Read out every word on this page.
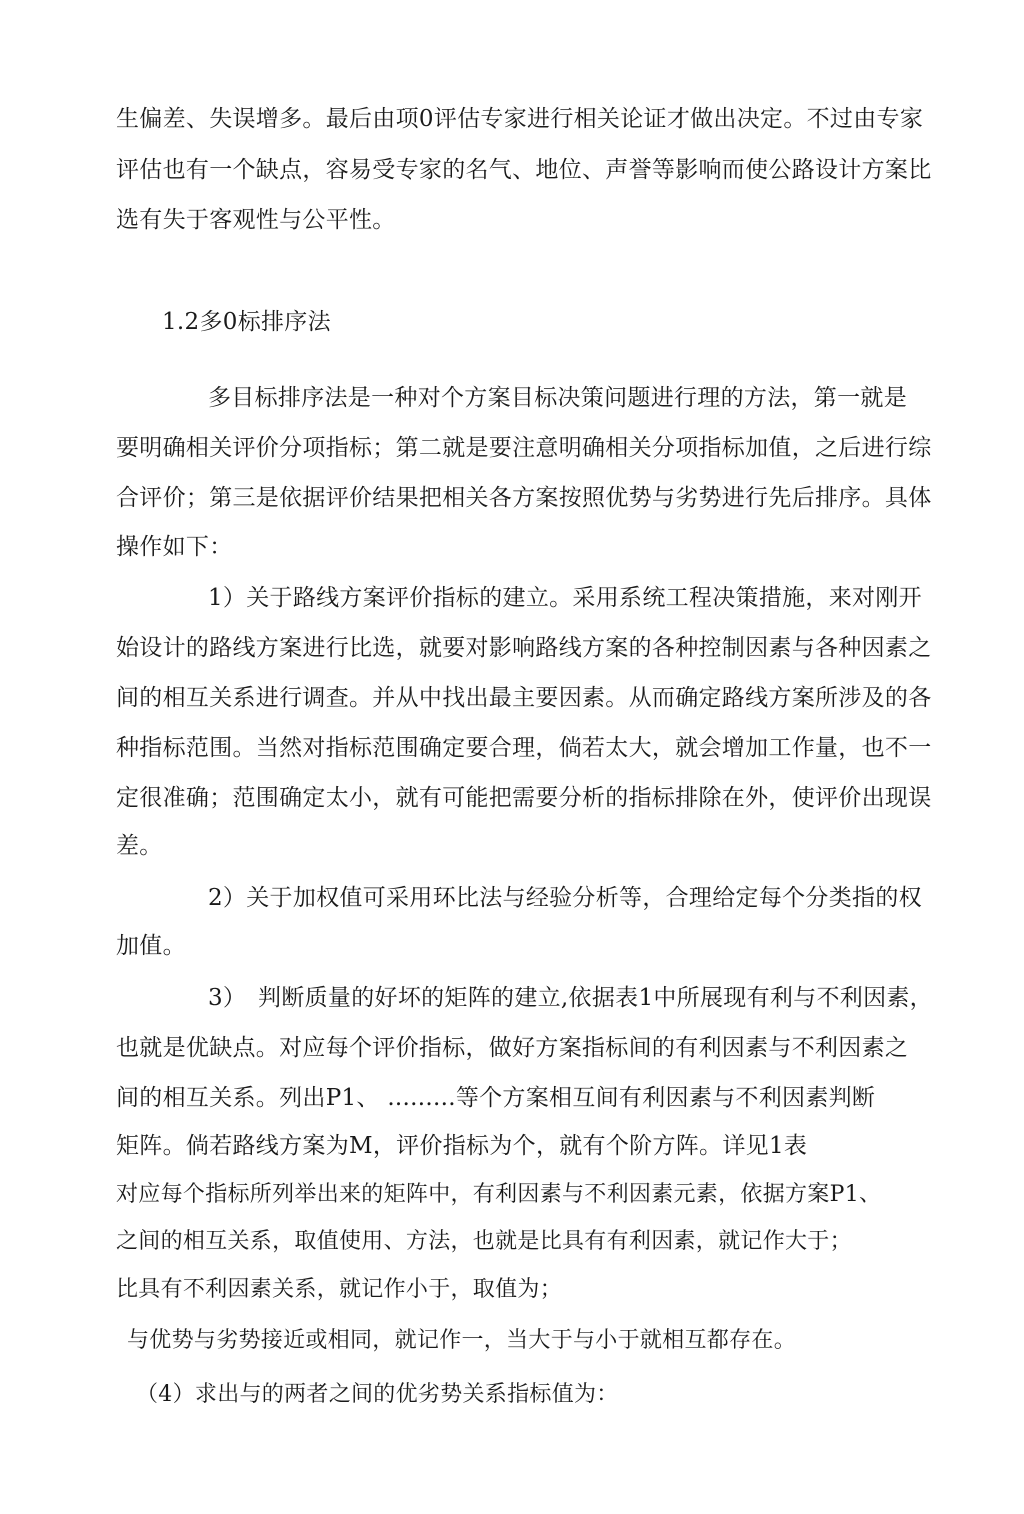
生偏差、失误增多。最后由项0评估专家进行相关论证才做出决定。不过由专家
评估也有一个缺点，容易受专家的名气、地位、声誉等影响而使公路设计方案比
选有失于客观性与公平性。
1.2多0标排序法
多目标排序法是一种对个方案目标决策问题进行理的方法，第一就是
要明确相关评价分项指标；第二就是要注意明确相关分项指标加值，之后进行综
合评价；第三是依据评价结果把相关各方案按照优势与劣势进行先后排序。具体
操作如下：
1）关于路线方案评价指标的建立。采用系统工程决策措施，来对刚开
始设计的路线方案进行比选，就要对影响路线方案的各种控制因素与各种因素之
间的相互关系进行调查。并从中找出最主要因素。从而确定路线方案所涉及的各
种指标范围。当然对指标范围确定要合理，倘若太大，就会增加工作量，也不一
定很准确；范围确定太小，就有可能把需要分析的指标排除在外，使评价出现误
差。
2）关于加权值可采用环比法与经验分析等，合理给定每个分类指的权
加值。
3）　判断质量的好坏的矩阵的建立,依据表1中所展现有利与不利因素，
也就是优缺点。对应每个评价指标，做好方案指标间的有利因素与不利因素之
间的相互关系。列出P1、 .........等个方案相互间有利因素与不利因素判断
矩阵。倘若路线方案为M，评价指标为个，就有个阶方阵。详见1表
对应每个指标所列举出来的矩阵中，有利因素与不利因素元素，依据方案P1、
之间的相互关系，取值使用、方法，也就是比具有有利因素，就记作大于；
比具有不利因素关系，就记作小于，取值为；
与优势与劣势接近或相同，就记作一，当大于与小于就相互都存在。
（4）求出与的两者之间的优劣势关系指标值为：
